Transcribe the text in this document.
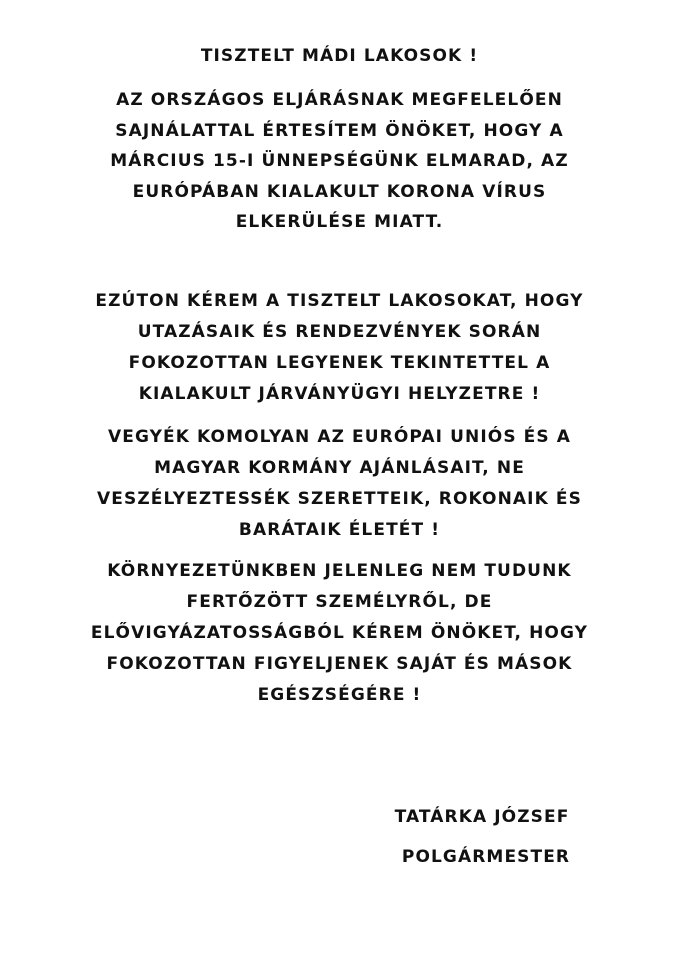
TISZTELT MÁDI LAKOSOK !
AZ ORSZÁGOS ELJÁRÁSNAK MEGFELELŐEN
SAJNÁLATTAL ÉRTESÍTEM ÖNÖKET, HOGY A
MÁRCIUS 15-I ÜNNEPSÉGÜNK ELMARAD, AZ
EURÓPÁBAN KIALAKULT KORONA VÍRUS
ELKERÜLÉSE MIATT.
EZÚTON KÉREM A TISZTELT LAKOSOKAT, HOGY
UTAZÁSAIK ÉS RENDEZVÉNYEK SORÁN
FOKOZOTTAN LEGYENEK TEKINTETTEL A
KIALAKULT JÁRVÁNYÜGYI HELYZETRE !
VEGYÉK KOMOLYAN AZ EURÓPAI UNIÓS ÉS A
MAGYAR KORMÁNY AJÁNLÁSAIT, NE
VESZÉLYEZTESSÉK SZERETTEIK, ROKONAIK ÉS
BARÁTAIK ÉLETÉT !
KÖRNYEZETÜNKBEN JELENLEG NEM TUDUNK
FERTŐZÖTT SZEMÉLYRŐL, DE
ELŐVIGYÁZATOSSÁGBÓL KÉREM ÖNÖKET, HOGY
FOKOZOTTAN FIGYELJENEK SAJÁT ÉS MÁSOK
EGÉSZSÉGÉRE !
TATÁRKA JÓZSEF
POLGÁRMESTER
